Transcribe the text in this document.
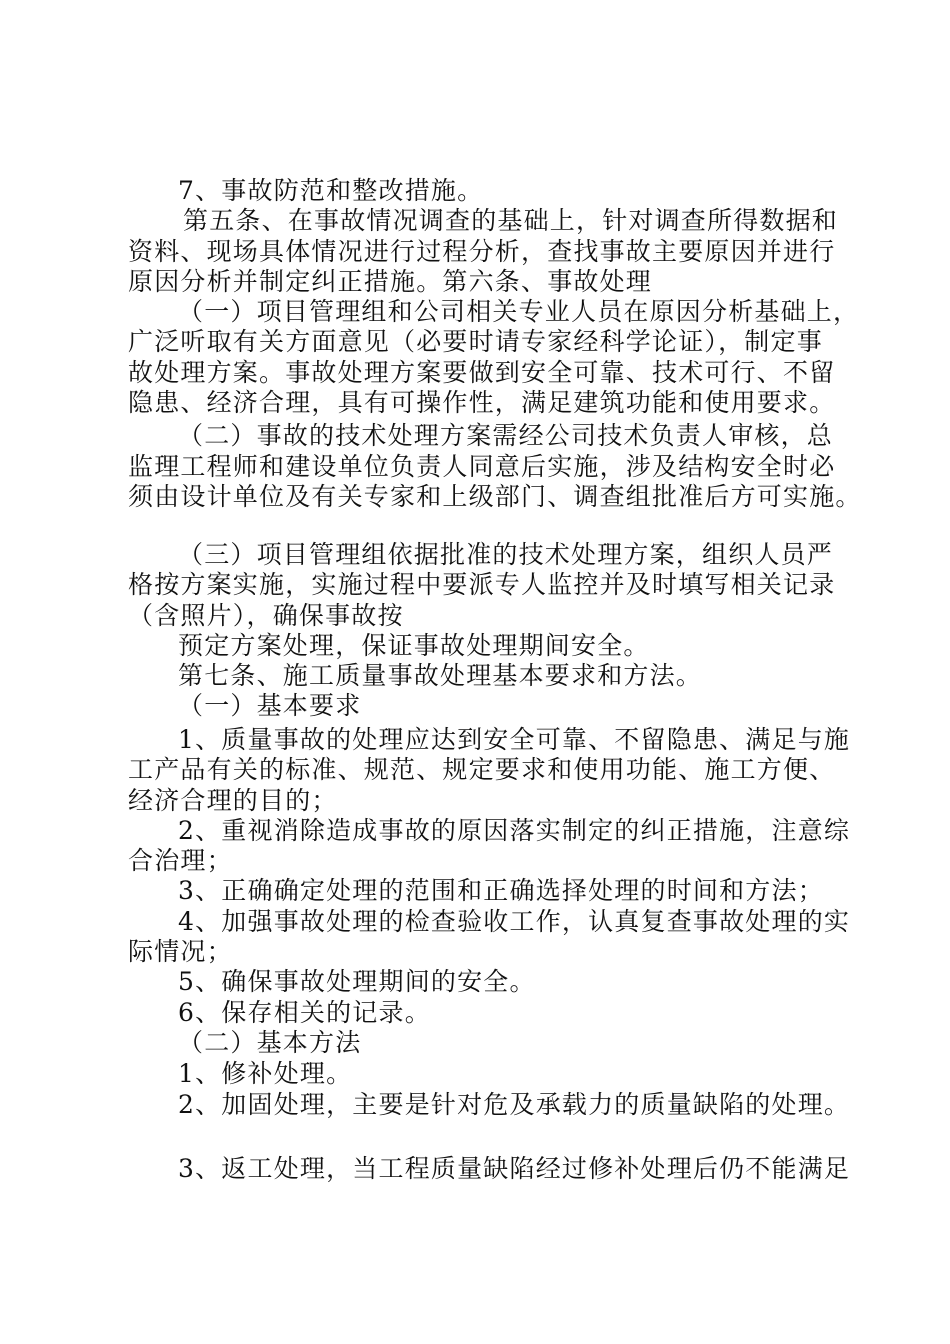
7、事故防范和整改措施。
第五条、在事故情况调查的基础上，针对调查所得数据和
资料、现场具体情况进行过程分析，查找事故主要原因并进行
原因分析并制定纠正措施。第六条、事故处理
（一）项目管理组和公司相关专业人员在原因分析基础上，
广泛听取有关方面意见（必要时请专家经科学论证），制定事
故处理方案。事故处理方案要做到安全可靠、技术可行、不留
隐患、经济合理，具有可操作性，满足建筑功能和使用要求。
（二）事故的技术处理方案需经公司技术负责人审核，总
监理工程师和建设单位负责人同意后实施，涉及结构安全时必
须由设计单位及有关专家和上级部门、调查组批准后方可实施。
（三）项目管理组依据批准的技术处理方案，组织人员严
格按方案实施，实施过程中要派专人监控并及时填写相关记录
（含照片），确保事故按
预定方案处理，保证事故处理期间安全。
第七条、施工质量事故处理基本要求和方法。
（一）基本要求
1、质量事故的处理应达到安全可靠、不留隐患、满足与施
工产品有关的标准、规范、规定要求和使用功能、施工方便、
经济合理的目的；
2、重视消除造成事故的原因落实制定的纠正措施，注意综
合治理；
3、正确确定处理的范围和正确选择处理的时间和方法；
4、加强事故处理的检查验收工作，认真复查事故处理的实
际情况；
5、确保事故处理期间的安全。
6、保存相关的记录。
（二）基本方法
1、修补处理。
2、加固处理，主要是针对危及承载力的质量缺陷的处理。
3、返工处理，当工程质量缺陷经过修补处理后仍不能满足
